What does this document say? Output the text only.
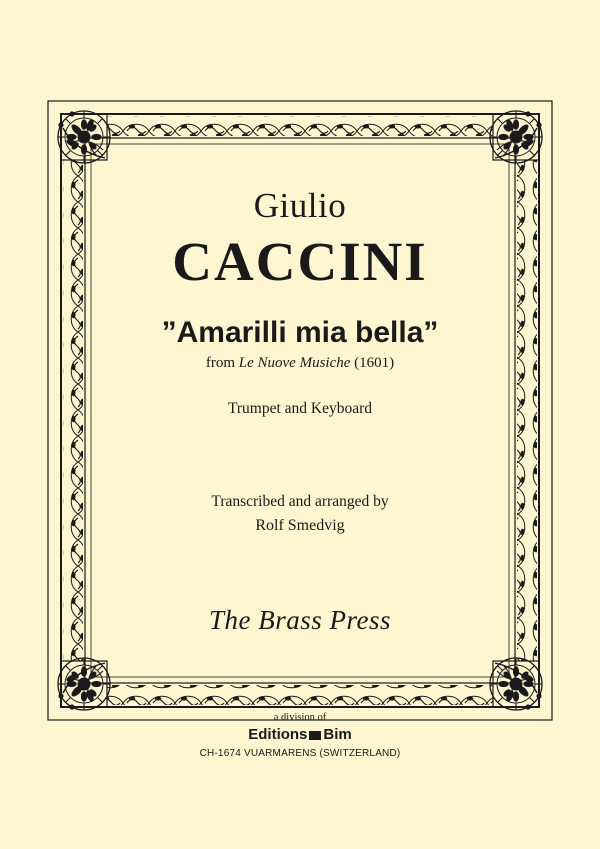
Giulio
CACCINI
”Amarilli mia bella”
from Le Nuove Musiche (1601)
Trumpet and Keyboard
Transcribed and arranged by
Rolf Smedvig
The Brass Press
a division of
Editions Bim
CH-1674 VUARMARENS (SWITZERLAND)
